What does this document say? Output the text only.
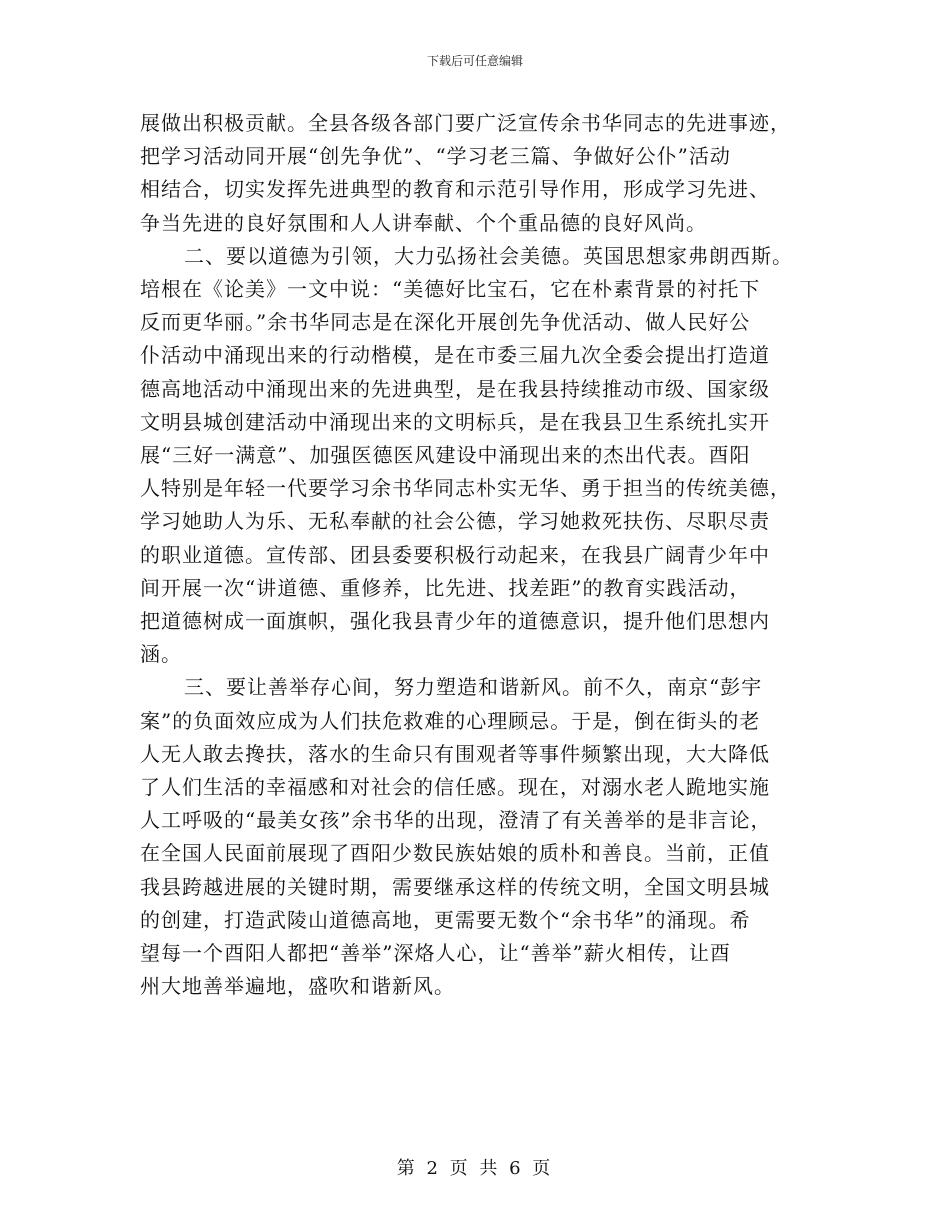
下载后可任意编辑

展做出积极贡献。全县各级各部门要广泛宣传余书华同志的先进事迹，
把学习活动同开展“创先争优”、“学习老三篇、争做好公仆”活动
相结合，切实发挥先进典型的教育和示范引导作用，形成学习先进、
争当先进的良好氛围和人人讲奉献、个个重品德的良好风尚。

二、要以道德为引领，大力弘扬社会美德。英国思想家弗朗西斯。
培根在《论美》一文中说：“美德好比宝石，它在朴素背景的衬托下
反而更华丽。”余书华同志是在深化开展创先争优活动、做人民好公
仆活动中涌现出来的行动楷模，是在市委三届九次全委会提出打造道
德高地活动中涌现出来的先进典型，是在我县持续推动市级、国家级
文明县城创建活动中涌现出来的文明标兵，是在我县卫生系统扎实开
展“三好一满意”、加强医德医风建设中涌现出来的杰出代表。酉阳
人特别是年轻一代要学习余书华同志朴实无华、勇于担当的传统美德，
学习她助人为乐、无私奉献的社会公德，学习她救死扶伤、尽职尽责
的职业道德。宣传部、团县委要积极行动起来，在我县广阔青少年中
间开展一次“讲道德、重修养，比先进、找差距”的教育实践活动，
把道德树成一面旗帜，强化我县青少年的道德意识，提升他们思想内
涵。

三、要让善举存心间，努力塑造和谐新风。前不久，南京“彭宇
案”的负面效应成为人们扶危救难的心理顾忌。于是，倒在街头的老
人无人敢去搀扶，落水的生命只有围观者等事件频繁出现，大大降低
了人们生活的幸福感和对社会的信任感。现在，对溺水老人跪地实施
人工呼吸的“最美女孩”余书华的出现，澄清了有关善举的是非言论，
在全国人民面前展现了酉阳少数民族姑娘的质朴和善良。当前，正值
我县跨越进展的关键时期，需要继承这样的传统文明，全国文明县城
的创建，打造武陵山道德高地，更需要无数个“余书华”的涌现。希
望每一个酉阳人都把“善举”深烙人心，让“善举”薪火相传，让酉
州大地善举遍地，盛吹和谐新风。

第 2 页 共 6 页
